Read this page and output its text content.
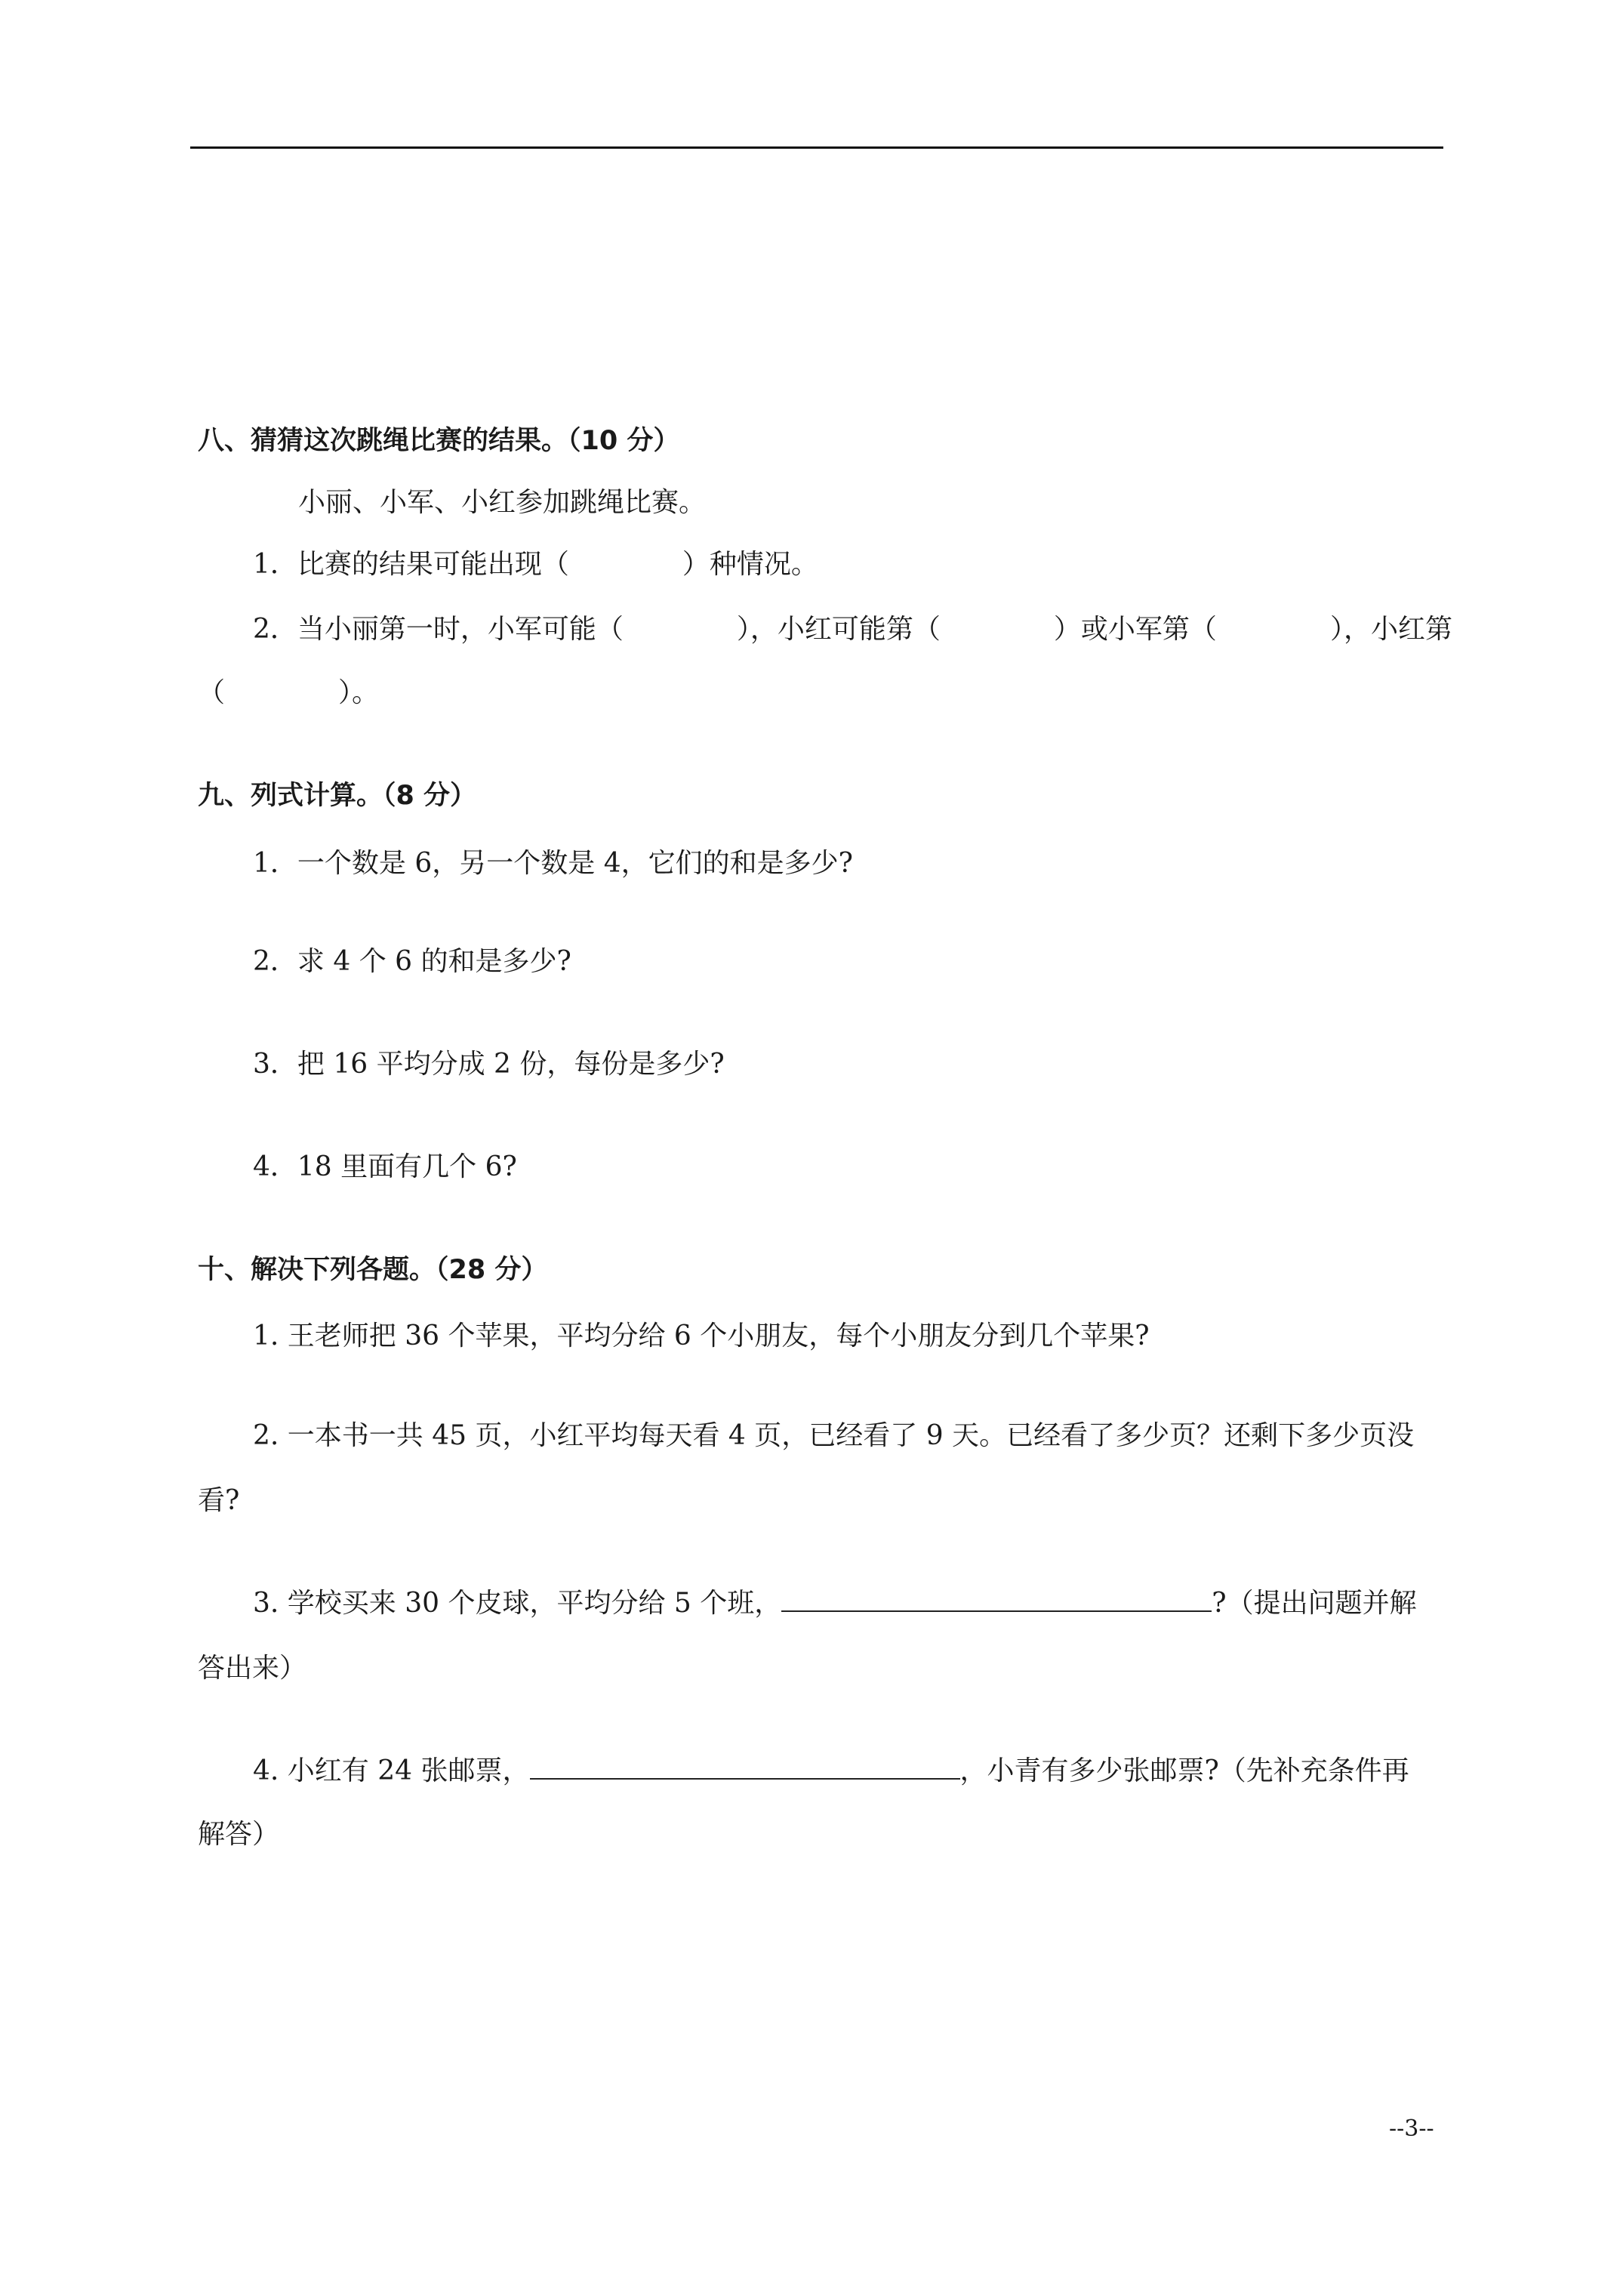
八、猜猜这次跳绳比赛的结果。（10 分）
小丽、小军、小红参加跳绳比赛。
1．比赛的结果可能出现（	）种情况。
2．当小丽第一时，小军可能（	），小红可能第（	）或小军第（	），小红第
（	）。
九、列式计算。（8 分）
1．一个数是 6，另一个数是 4，它们的和是多少?
2．求 4 个 6 的和是多少?
3．把 16 平均分成 2 份，每份是多少?
4．18 里面有几个 6?
十、解决下列各题。（28 分）
1. 王老师把 36 个苹果，平均分给 6 个小朋友，每个小朋友分到几个苹果?
2. 一本书一共 45 页，小红平均每天看 4 页，已经看了 9 天。已经看了多少页？还剩下多少页没
看?
3. 学校买来 30 个皮球，平均分给 5 个班，	?（提出问题并解
答出来）
4. 小红有 24 张邮票，	，小青有多少张邮票?（先补充条件再
解答）
--3--
